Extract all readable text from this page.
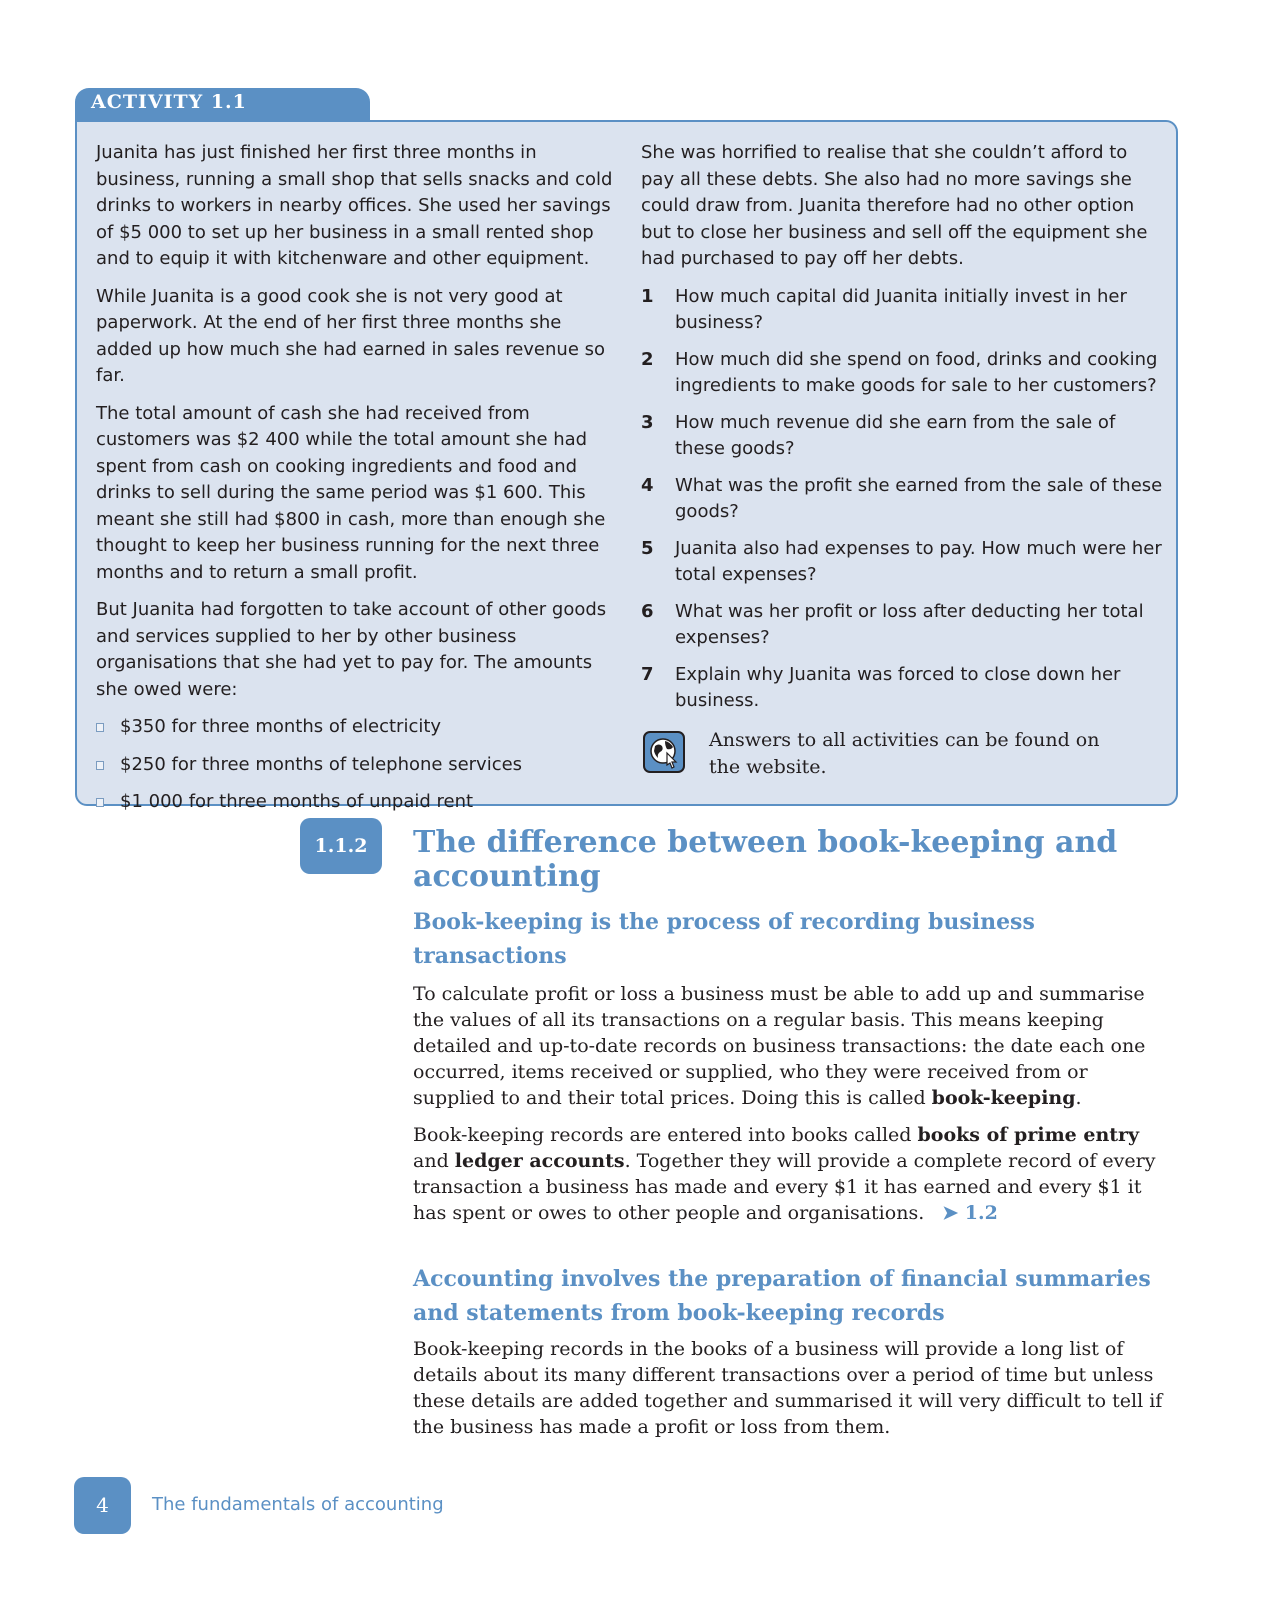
ACTIVITY 1.1

Juanita has just finished her first three months in business, running a small shop that sells snacks and cold drinks to workers in nearby offices. She used her savings of $5 000 to set up her business in a small rented shop and to equip it with kitchenware and other equipment.

While Juanita is a good cook she is not very good at paperwork. At the end of her first three months she added up how much she had earned in sales revenue so far.

The total amount of cash she had received from customers was $2 400 while the total amount she had spent from cash on cooking ingredients and food and drinks to sell during the same period was $1 600. This meant she still had $800 in cash, more than enough she thought to keep her business running for the next three months and to return a small profit.

But Juanita had forgotten to take account of other goods and services supplied to her by other business organisations that she had yet to pay for. The amounts she owed were:

$350 for three months of electricity
$250 for three months of telephone services
$1 000 for three months of unpaid rent

She was horrified to realise that she couldn’t afford to pay all these debts. She also had no more savings she could draw from. Juanita therefore had no other option but to close her business and sell off the equipment she had purchased to pay off her debts.

1 How much capital did Juanita initially invest in her business?
2 How much did she spend on food, drinks and cooking ingredients to make goods for sale to her customers?
3 How much revenue did she earn from the sale of these goods?
4 What was the profit she earned from the sale of these goods?
5 Juanita also had expenses to pay. How much were her total expenses?
6 What was her profit or loss after deducting her total expenses?
7 Explain why Juanita was forced to close down her business.
Answers to all activities can be found on the website.
1.1.2	The difference between book-keeping and accounting
Book-keeping is the process of recording business transactions

To calculate profit or loss a business must be able to add up and summarise the values of all its transactions on a regular basis. This means keeping detailed and up-to-date records on business transactions: the date each one occurred, items received or supplied, who they were received from or supplied to and their total prices. Doing this is called book-keeping.

Book-keeping records are entered into books called books of prime entry and ledger accounts. Together they will provide a complete record of every transaction a business has made and every $1 it has earned and every $1 it has spent or owes to other people and organisations. ➤ 1.2

Accounting involves the preparation of financial summaries and statements from book-keeping records

Book-keeping records in the books of a business will provide a long list of details about its many different transactions over a period of time but unless these details are added together and summarised it will very difficult to tell if the business has made a profit or loss from them.

4	The fundamentals of accounting
